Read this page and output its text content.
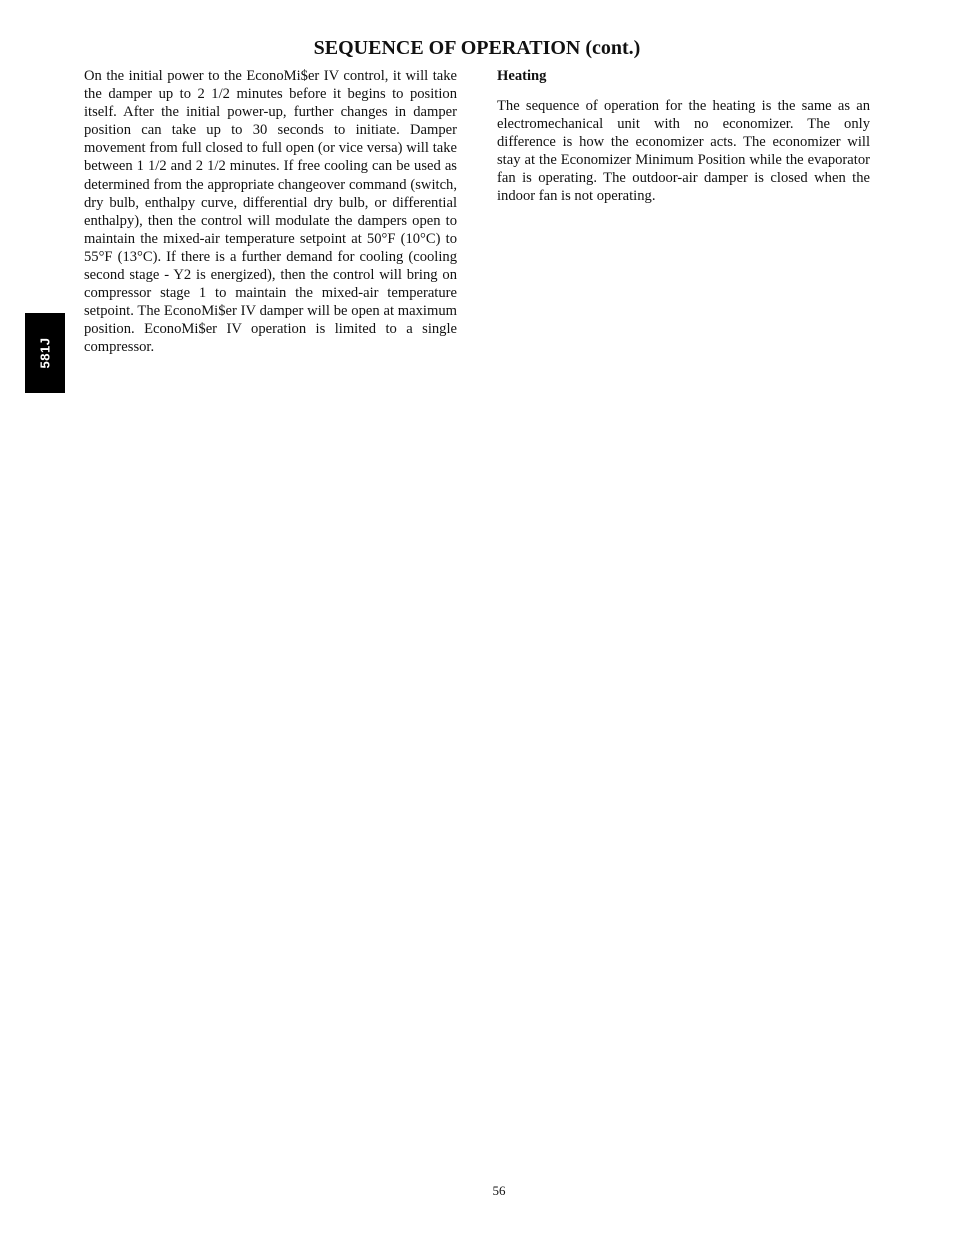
SEQUENCE OF OPERATION (cont.)
581J

On the initial power to the EconoMi$er IV control, it will take the damper up to 2 1/2 minutes before it begins to position itself. After the initial power-up, further changes in damper position can take up to 30 seconds to initiate. Damper movement from full closed to full open (or vice versa) will take between 1 1/2 and 2 1/2 minutes. If free cooling can be used as determined from the appropriate changeover command (switch, dry bulb, enthalpy curve, differential dry bulb, or differential enthalpy), then the control will modulate the dampers open to maintain the mixed-air temperature setpoint at 50°F (10°C) to 55°F (13°C). If there is a further demand for cooling (cooling second stage - Y2 is energized), then the control will bring on compressor stage 1 to maintain the mixed-air temperature setpoint. The EconoMi$er IV damper will be open at maximum position. EconoMi$er IV operation is limited to a single compressor.

Heating

The sequence of operation for the heating is the same as an electromechanical unit with no economizer. The only difference is how the economizer acts. The economizer will stay at the Economizer Minimum Position while the evaporator fan is operating. The outdoor-air damper is closed when the indoor fan is not operating.

56
